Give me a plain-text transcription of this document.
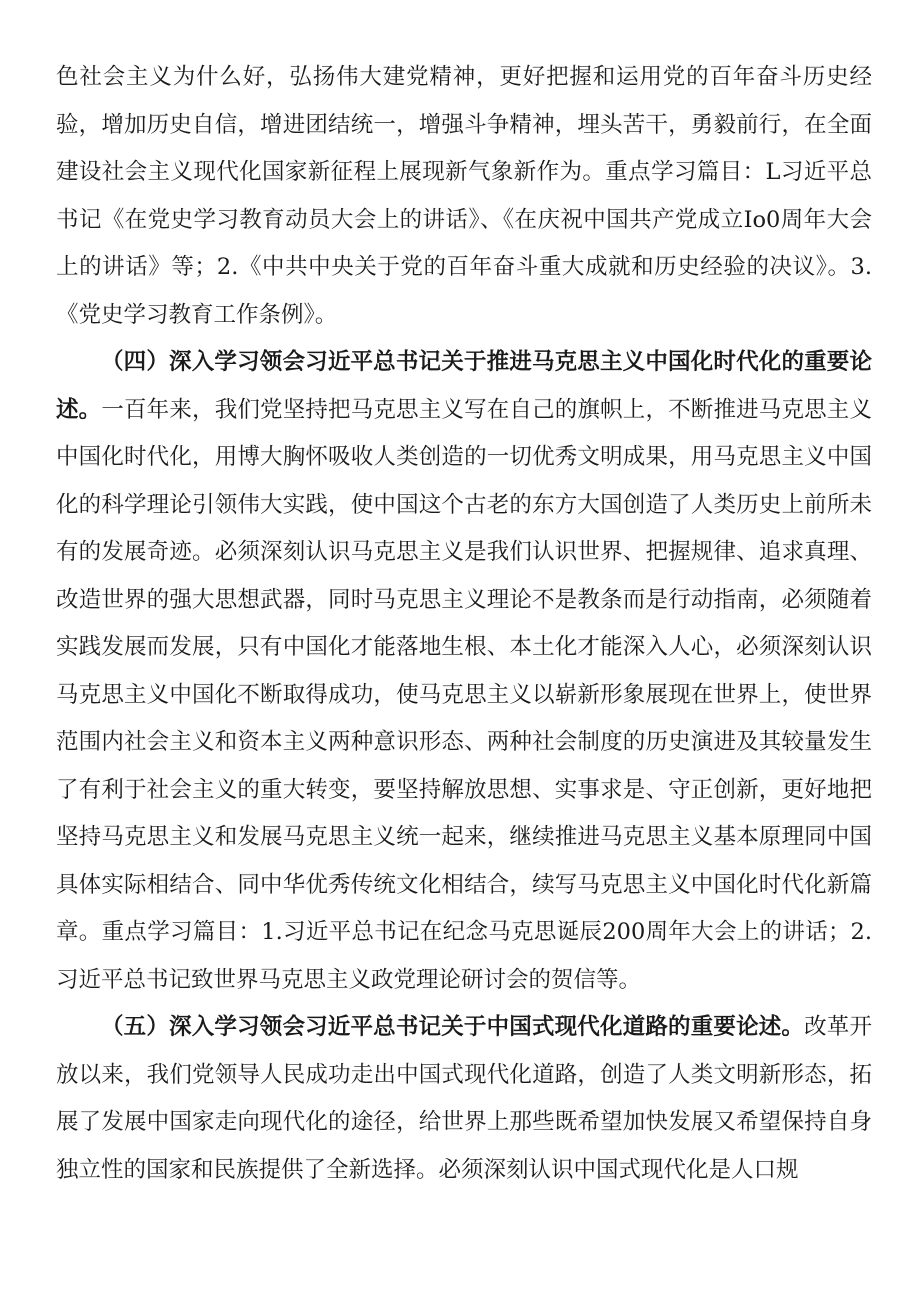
色社会主义为什么好，弘扬伟大建党精神，更好把握和运用党的百年奋斗历史经验，增加历史自信，增进团结统一，增强斗争精神，埋头苦干，勇毅前行，在全面建设社会主义现代化国家新征程上展现新气象新作为。重点学习篇目：L习近平总书记《在党史学习教育动员大会上的讲话》、《在庆祝中国共产党成立Io0周年大会上的讲话》等；2.《中共中央关于党的百年奋斗重大成就和历史经验的决议》。3.《党史学习教育工作条例》。

（四）深入学习领会习近平总书记关于推进马克思主义中国化时代化的重要论述。一百年来，我们党坚持把马克思主义写在自己的旗帜上，不断推进马克思主义中国化时代化，用博大胸怀吸收人类创造的一切优秀文明成果，用马克思主义中国化的科学理论引领伟大实践，使中国这个古老的东方大国创造了人类历史上前所未有的发展奇迹。必须深刻认识马克思主义是我们认识世界、把握规律、追求真理、改造世界的强大思想武器，同时马克思主义理论不是教条而是行动指南，必须随着实践发展而发展，只有中国化才能落地生根、本土化才能深入人心，必须深刻认识马克思主义中国化不断取得成功，使马克思主义以崭新形象展现在世界上，使世界范围内社会主义和资本主义两种意识形态、两种社会制度的历史演进及其较量发生了有利于社会主义的重大转变，要坚持解放思想、实事求是、守正创新，更好地把坚持马克思主义和发展马克思主义统一起来，继续推进马克思主义基本原理同中国具体实际相结合、同中华优秀传统文化相结合，续写马克思主义中国化时代化新篇章。重点学习篇目：1.习近平总书记在纪念马克思诞辰200周年大会上的讲话；2.习近平总书记致世界马克思主义政党理论研讨会的贺信等。

（五）深入学习领会习近平总书记关于中国式现代化道路的重要论述。改革开放以来，我们党领导人民成功走出中国式现代化道路，创造了人类文明新形态，拓展了发展中国家走向现代化的途径，给世界上那些既希望加快发展又希望保持自身独立性的国家和民族提供了全新选择。必须深刻认识中国式现代化是人口规
